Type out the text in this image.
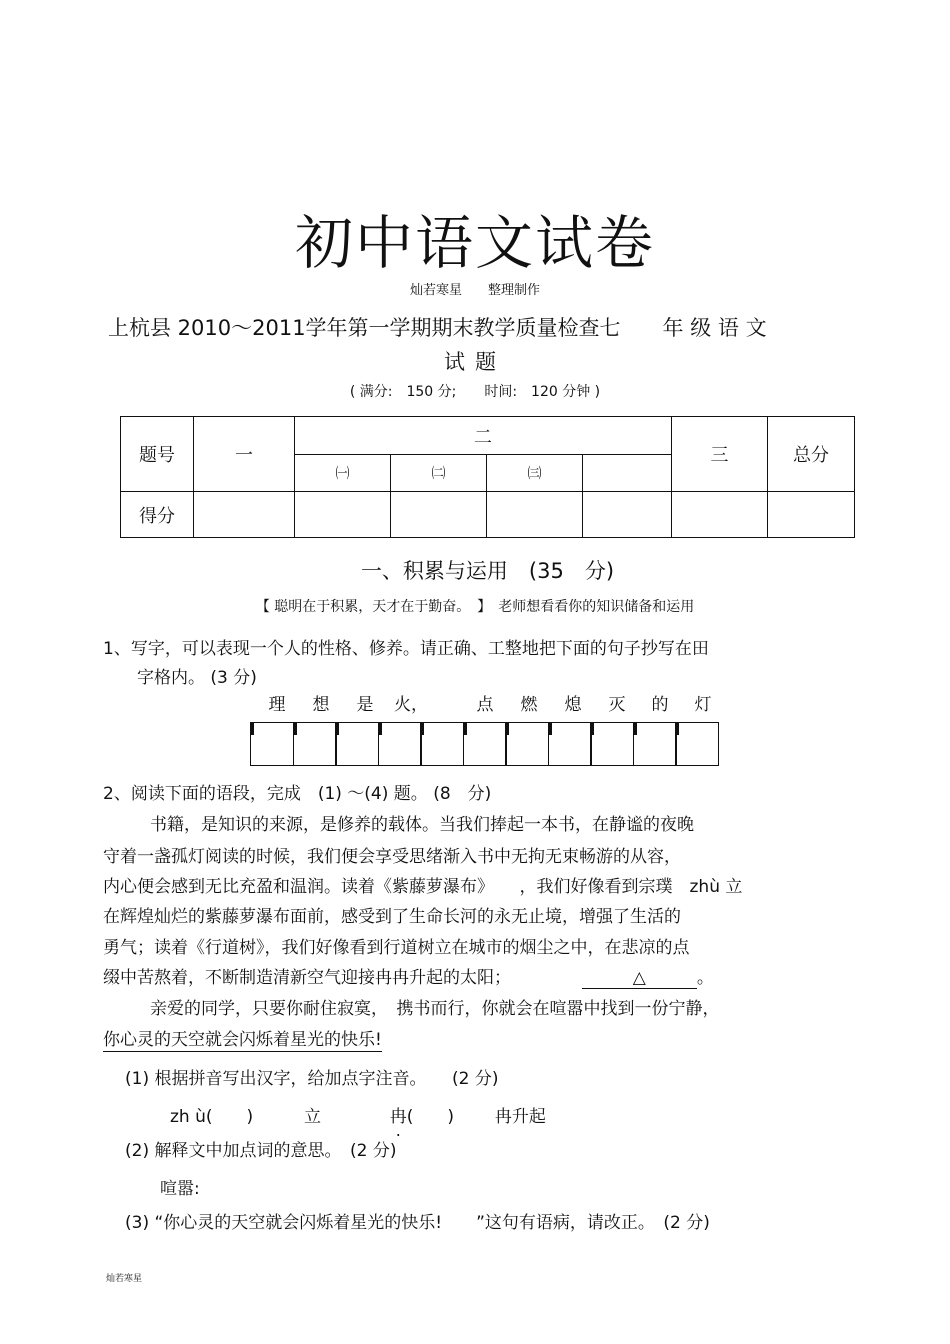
初中语文试卷
灿若寒星　　整理制作
上杭县 2010～2011学年第一学期期末教学质量检查七　　年 级 语 文
试题
( 满分:　150 分;　　时间:　120 分钟 )
题号	一	二				三	总分
		㈠	㈡	㈢			
得分							
一、积累与运用　(35　分)
【 聪明在于积累，天才在于勤奋。　】　老师想看看你的知识储备和运用
1、写字，可以表现一个人的性格、修养。请正确、工整地把下面的句子抄写在田
字格内。 (3 分)
理	想	是	火，	点	燃	熄	灭	的	灯
2、阅读下面的语段，完成　(1) ～(4) 题。 (8　分)
书籍，是知识的来源，是修养的载体。当我们捧起一本书，在静谧的夜晚
守着一盏孤灯阅读的时候，我们便会享受思绪渐入书中无拘无束畅游的从容，
内心便会感到无比充盈和温润。读着《紫藤萝瀑布》　　，我们好像看到宗璞　zhù 立
在辉煌灿烂的紫藤萝瀑布面前，感受到了生命长河的永无止境，增强了生活的
勇气；读着《行道树》，我们好像看到行道树立在城市的烟尘之中，在悲凉的点
缀中苦熬着，不断制造清新空气迎接冉冉升起的太阳；	△	。
亲爱的同学，只要你耐住寂寞，　携书而行，你就会在喧嚣中找到一份宁静，
你心灵的天空就会闪烁着星光的快乐!
(1) 根据拼音写出汉字，给加点字注音。　　(2 分)
zh ù(　　)	立	冉(　　) 冉升起
(2) 解释文中加点词的意思。　(2 分)
喧嚣:
(3) “你心灵的天空就会闪烁着星光的快乐!　　”这句有语病，请改正。　(2 分)
灿若寒星
